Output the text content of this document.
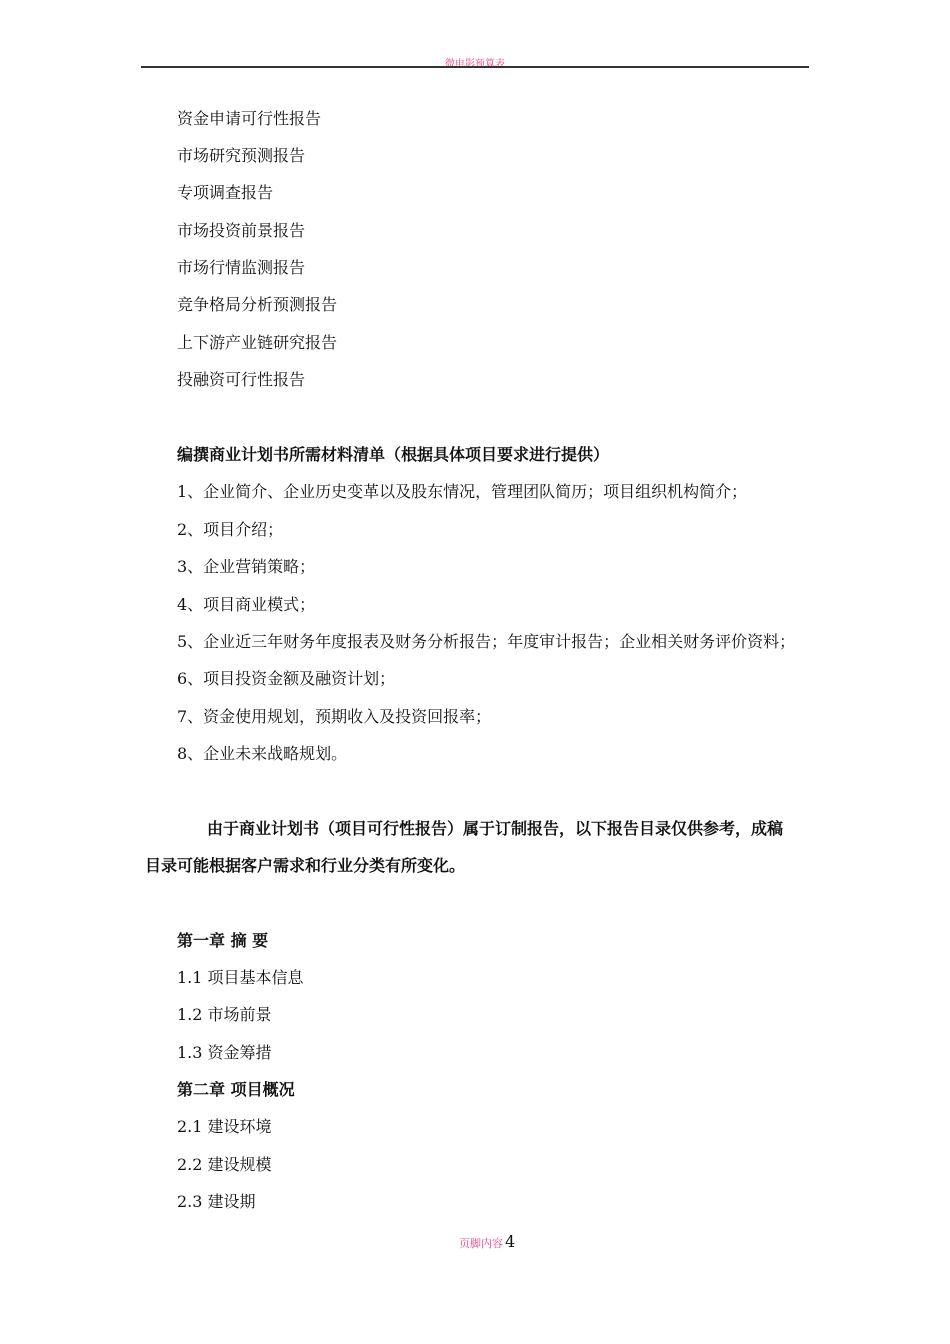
微电影预算表
资金申请可行性报告
市场研究预测报告
专项调查报告
市场投资前景报告
市场行情监测报告
竞争格局分析预测报告
上下游产业链研究报告
投融资可行性报告
编撰商业计划书所需材料清单（根据具体项目要求进行提供）
1、企业简介、企业历史变革以及股东情况，管理团队简历；项目组织机构简介；
2、项目介绍；
3、企业营销策略；
4、项目商业模式；
5、企业近三年财务年度报表及财务分析报告；年度审计报告；企业相关财务评价资料；
6、项目投资金额及融资计划；
7、资金使用规划，预期收入及投资回报率；
8、企业未来战略规划。
由于商业计划书（项目可行性报告）属于订制报告，以下报告目录仅供参考，成稿
目录可能根据客户需求和行业分类有所变化。
第一章 摘 要
1.1 项目基本信息
1.2 市场前景
1.3 资金筹措
第二章 项目概况
2.1 建设环境
2.2 建设规模
2.3 建设期
页脚内容 4
